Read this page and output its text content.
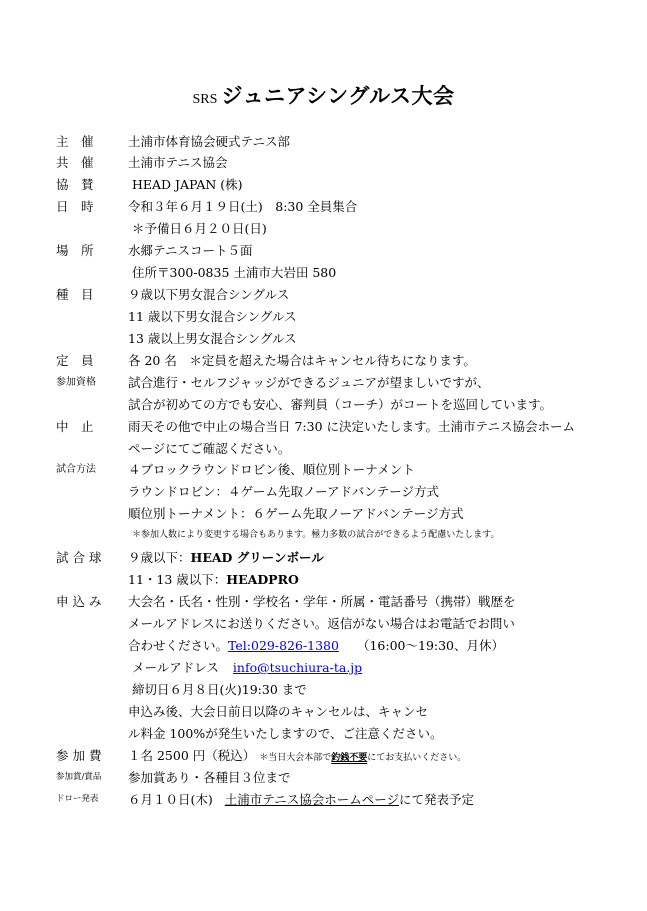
SRS ジュニアシングルス大会
主　催	土浦市体育協会硬式テニス部
共　催	土浦市テニス協会
協　賛	HEAD JAPAN (株)
日　時	令和３年６月１９日(土)　8:30 全員集合
＊予備日６月２０日(日)
場　所	水郷テニスコート５面
住所〒300-0835 土浦市大岩田 580
種　目	９歳以下男女混合シングルス
11 歳以下男女混合シングルス
13 歳以上男女混合シングルス
定　員	各 20 名　＊定員を超えた場合はキャンセル待ちになります。
参加資格	試合進行・セルフジャッジができるジュニアが望ましいですが、
試合が初めての方でも安心、審判員（コーチ）がコートを巡回しています。
中　止	雨天その他で中止の場合当日 7:30 に決定いたします。土浦市テニス協会ホーム
ページにてご確認ください。
試合方法	４ブロックラウンドロビン後、順位別トーナメント
ラウンドロビン：４ゲーム先取ノーアドバンテージ方式
順位別トーナメント：６ゲーム先取ノーアドバンテージ方式
＊参加人数により変更する場合もあります。極力多数の試合ができるよう配慮いたします。
試 合 球	９歳以下：HEAD グリーンボール
11・13 歳以下：HEADPRO
申 込 み	大会名・氏名・性別・学校名・学年・所属・電話番号（携帯）戦歴を
メールアドレスにお送りください。返信がない場合はお電話でお問い
合わせください。Tel:029-826-1380 （16:00～19:30、月休）
メールアドレス info@tsuchiura-ta.jp
締切日６月８日(火)19:30 まで
申込み後、大会日前日以降のキャンセルは、キャンセ
ル料金 100%が発生いたしますので、ご注意ください。
参 加 費	１名 2500 円（税込） ＊当日大会本部で釣銭不要にてお支払いください。
参加賞/賞品	参加賞あり・各種目３位まで
ドロー発表	６月１０日(木) 土浦市テニス協会ホームページにて発表予定
